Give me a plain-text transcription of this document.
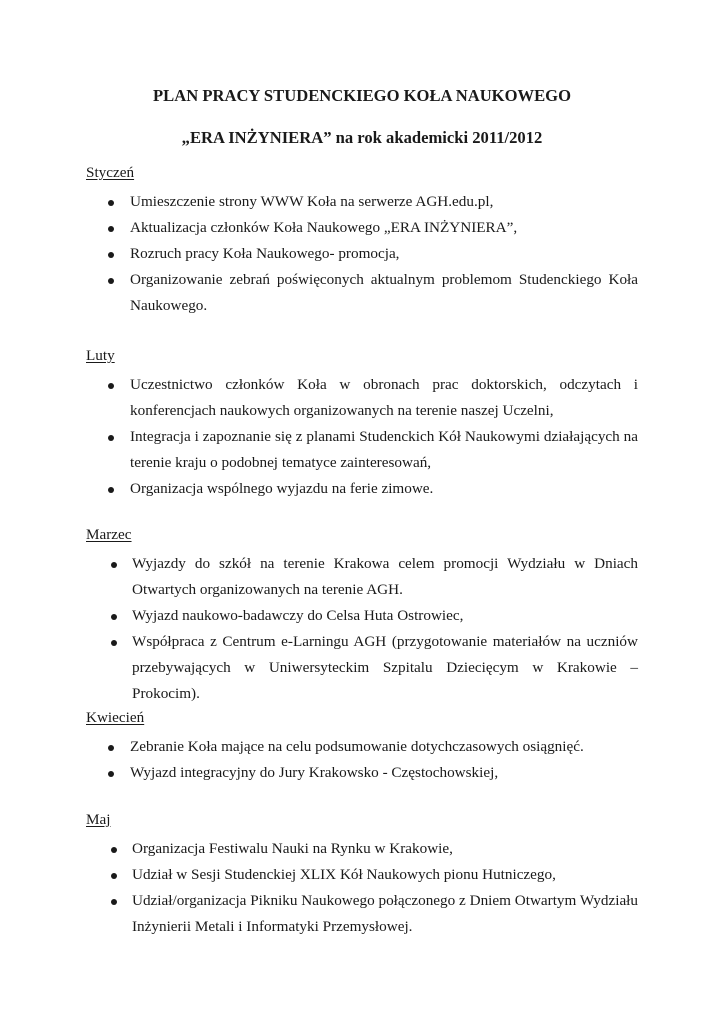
PLAN PRACY STUDENCKIEGO KOŁA NAUKOWEGO
„ERA INŻYNIERA” na rok akademicki 2011/2012
Styczeń
Umieszczenie strony WWW Koła na serwerze AGH.edu.pl,
Aktualizacja członków Koła Naukowego „ERA INŻYNIERA”,
Rozruch pracy Koła Naukowego- promocja,
Organizowanie zebrań poświęconych aktualnym problemom Studenckiego Koła Naukowego.
Luty
Uczestnictwo członków Koła w obronach prac doktorskich, odczytach i konferencjach naukowych organizowanych na terenie naszej Uczelni,
Integracja i zapoznanie się z planami Studenckich Kół Naukowymi działających na terenie kraju o podobnej tematyce zainteresowań,
Organizacja wspólnego wyjazdu na ferie zimowe.
Marzec
Wyjazdy do szkół na terenie Krakowa celem promocji Wydziału w Dniach Otwartych organizowanych na terenie AGH.
Wyjazd naukowo-badawczy do Celsa Huta Ostrowiec,
Współpraca z Centrum e-Larningu AGH (przygotowanie materiałów na uczniów przebywających w Uniwersyteckim Szpitalu Dziecięcym w Krakowie – Prokocim).
Kwiecień
Zebranie Koła mające na celu podsumowanie dotychczasowych osiągnięć.
Wyjazd integracyjny do Jury Krakowsko - Częstochowskiej,
Maj
Organizacja Festiwalu Nauki na Rynku w Krakowie,
Udział w Sesji Studenckiej XLIX Kół Naukowych pionu Hutniczego,
Udział/organizacja Pikniku Naukowego połączonego z Dniem Otwartym Wydziału Inżynierii Metali i Informatyki Przemysłowej.
